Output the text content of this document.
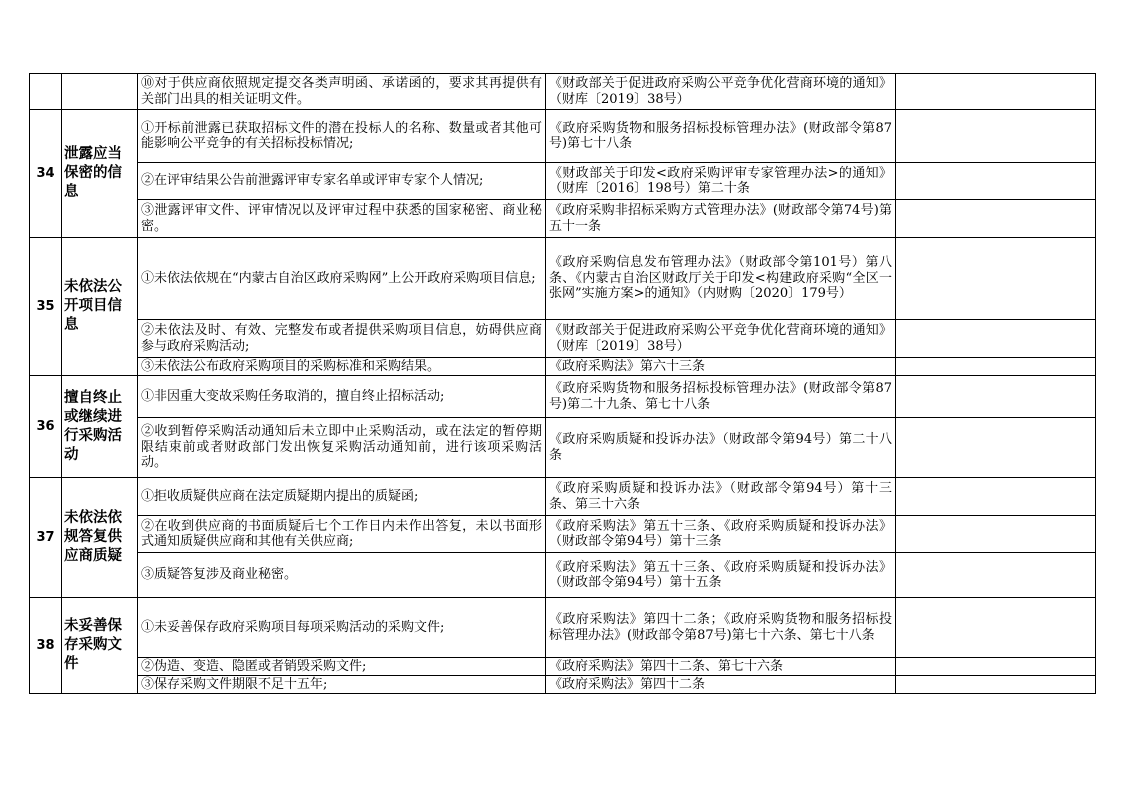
		⑩对于供应商依照规定提交各类声明函、承诺函的，要求其再提供有关部门出具的相关证明文件。	《财政部关于促进政府采购公平竞争优化营商环境的通知》（财库〔2019〕38号）	
34	泄露应当保密的信息	①开标前泄露已获取招标文件的潜在投标人的名称、数量或者其他可能影响公平竞争的有关招标投标情况;	《政府采购货物和服务招标投标管理办法》(财政部令第87号)第七十八条	
		②在评审结果公告前泄露评审专家名单或评审专家个人情况;	《财政部关于印发<政府采购评审专家管理办法>的通知》（财库〔2016〕198号）第二十条	
		③泄露评审文件、评审情况以及评审过程中获悉的国家秘密、商业秘密。	《政府采购非招标采购方式管理办法》(财政部令第74号)第五十一条	
35	未依法公开项目信息	①未依法依规在“内蒙古自治区政府采购网”上公开政府采购项目信息;	《政府采购信息发布管理办法》（财政部令第101号）第八条、《内蒙古自治区财政厅关于印发<构建政府采购“全区一张网”实施方案>的通知》（内财购〔2020〕179号）	
		②未依法及时、有效、完整发布或者提供采购项目信息，妨碍供应商参与政府采购活动;	《财政部关于促进政府采购公平竞争优化营商环境的通知》（财库〔2019〕38号）	
		③未依法公布政府采购项目的采购标准和采购结果。	《政府采购法》第六十三条	
36	擅自终止或继续进行采购活动	①非因重大变故采购任务取消的，擅自终止招标活动;	《政府采购货物和服务招标投标管理办法》(财政部令第87号)第二十九条、第七十八条	
		②收到暂停采购活动通知后未立即中止采购活动，或在法定的暂停期限结束前或者财政部门发出恢复采购活动通知前，进行该项采购活动。	《政府采购质疑和投诉办法》（财政部令第94号）第二十八条	
37	未依法依规答复供应商质疑	①拒收质疑供应商在法定质疑期内提出的质疑函;	《政府采购质疑和投诉办法》（财政部令第94号）第十三条、第三十六条	
		②在收到供应商的书面质疑后七个工作日内未作出答复，未以书面形式通知质疑供应商和其他有关供应商;	《政府采购法》第五十三条、《政府采购质疑和投诉办法》（财政部令第94号）第十三条	
		③质疑答复涉及商业秘密。	《政府采购法》第五十三条、《政府采购质疑和投诉办法》（财政部令第94号）第十五条	
38	未妥善保存采购文件	①未妥善保存政府采购项目每项采购活动的采购文件;	《政府采购法》第四十二条；《政府采购货物和服务招标投标管理办法》(财政部令第87号)第七十六条、第七十八条	
		②伪造、变造、隐匿或者销毁采购文件;	《政府采购法》第四十二条、第七十六条	
		③保存采购文件期限不足十五年;	《政府采购法》第四十二条	
